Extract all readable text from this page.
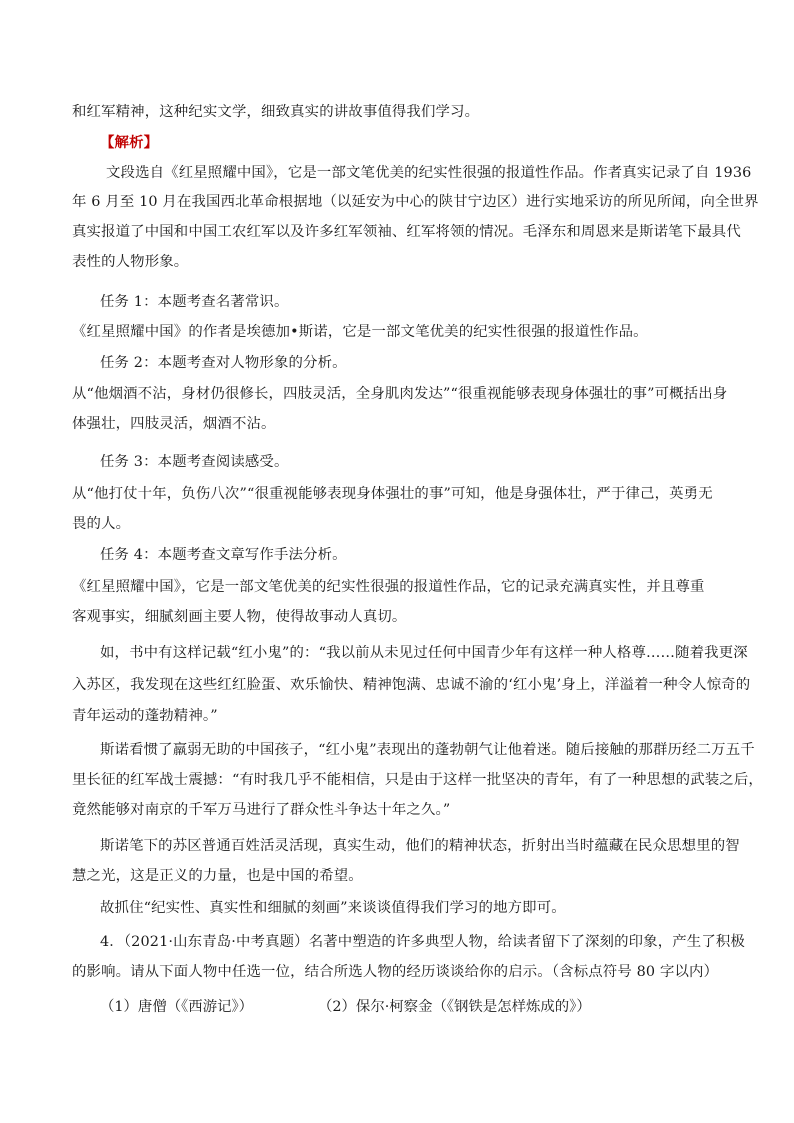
和红军精神，这种纪实文学，细致真实的讲故事值得我们学习。
【解析】
文段选自《红星照耀中国》，它是一部文笔优美的纪实性很强的报道性作品。作者真实记录了自 1936
年 6 月至 10 月在我国西北革命根据地（以延安为中心的陕甘宁边区）进行实地采访的所见所闻，向全世界
真实报道了中国和中国工农红军以及许多红军领袖、红军将领的情况。毛泽东和周恩来是斯诺笔下最具代
表性的人物形象。
任务 1：本题考查名著常识。
《红星照耀中国》的作者是埃德加•斯诺，它是一部文笔优美的纪实性很强的报道性作品。
任务 2：本题考查对人物形象的分析。
从“他烟酒不沾，身材仍很修长，四肢灵活，全身肌肉发达”“很重视能够表现身体强壮的事”可概括出身
体强壮，四肢灵活，烟酒不沾。
任务 3：本题考查阅读感受。
从“他打仗十年，负伤八次”“很重视能够表现身体强壮的事”可知，他是身强体壮，严于律己，英勇无
畏的人。
任务 4：本题考查文章写作手法分析。
《红星照耀中国》，它是一部文笔优美的纪实性很强的报道性作品，它的记录充满真实性，并且尊重
客观事实，细腻刻画主要人物，使得故事动人真切。
如，书中有这样记载“红小鬼”的：“我以前从未见过任何中国青少年有这样一种人格尊……随着我更深
入苏区，我发现在这些红红脸蛋、欢乐愉快、精神饱满、忠诚不渝的‘红小鬼’身上，洋溢着一种令人惊奇的
青年运动的蓬勃精神。”
斯诺看惯了羸弱无助的中国孩子，“红小鬼”表现出的蓬勃朝气让他着迷。随后接触的那群历经二万五千
里长征的红军战士震撼：“有时我几乎不能相信，只是由于这样一批坚决的青年，有了一种思想的武装之后，
竟然能够对南京的千军万马进行了群众性斗争达十年之久。”
斯诺笔下的苏区普通百姓活灵活现，真实生动，他们的精神状态，折射出当时蕴藏在民众思想里的智
慧之光，这是正义的力量，也是中国的希望。
故抓住“纪实性、真实性和细腻的刻画”来谈谈值得我们学习的地方即可。
4．（2021·山东青岛·中考真题）名著中塑造的许多典型人物，给读者留下了深刻的印象，产生了积极
的影响。请从下面人物中任选一位，结合所选人物的经历谈谈给你的启示。（含标点符号 80 字以内）
（1）唐僧（《西游记》）	（2）保尔·柯察金（《钢铁是怎样炼成的》）
